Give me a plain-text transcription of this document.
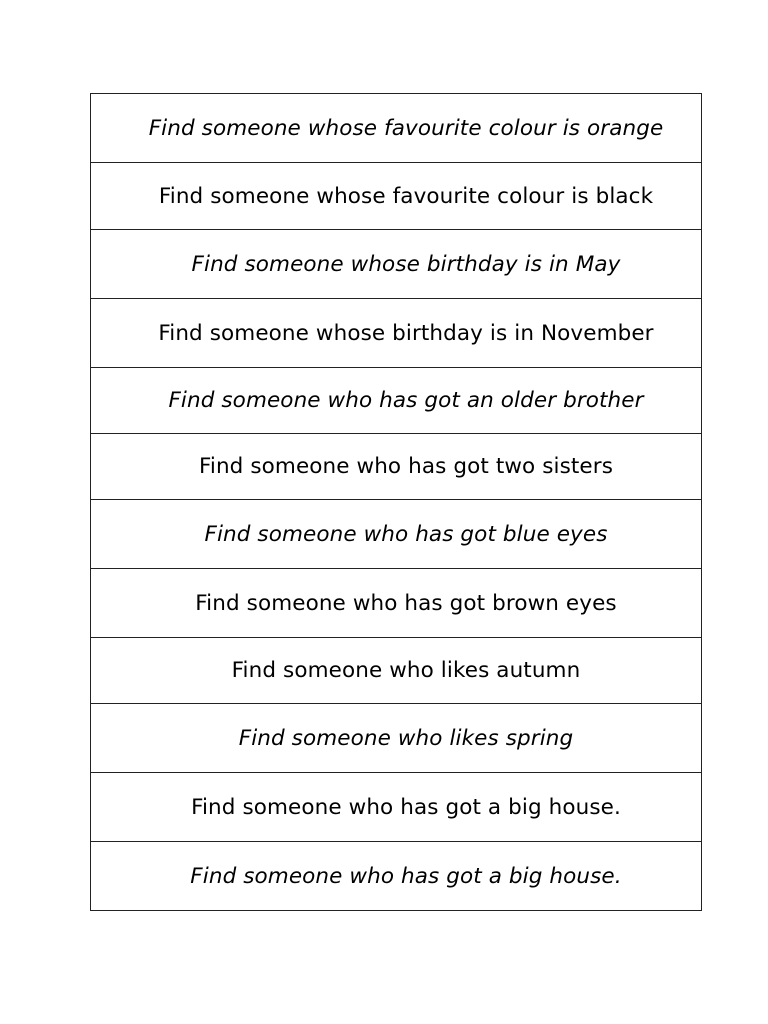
Find someone whose favourite colour is orange
Find someone whose favourite colour is black
Find someone whose birthday is in May
Find someone whose birthday is in November
Find someone who has got an older brother
Find someone who has got two sisters
Find someone who has got blue eyes
Find someone who has got brown eyes
Find someone who likes autumn
Find someone who likes spring
Find someone who has got a big house.
Find someone who has got a big house.
